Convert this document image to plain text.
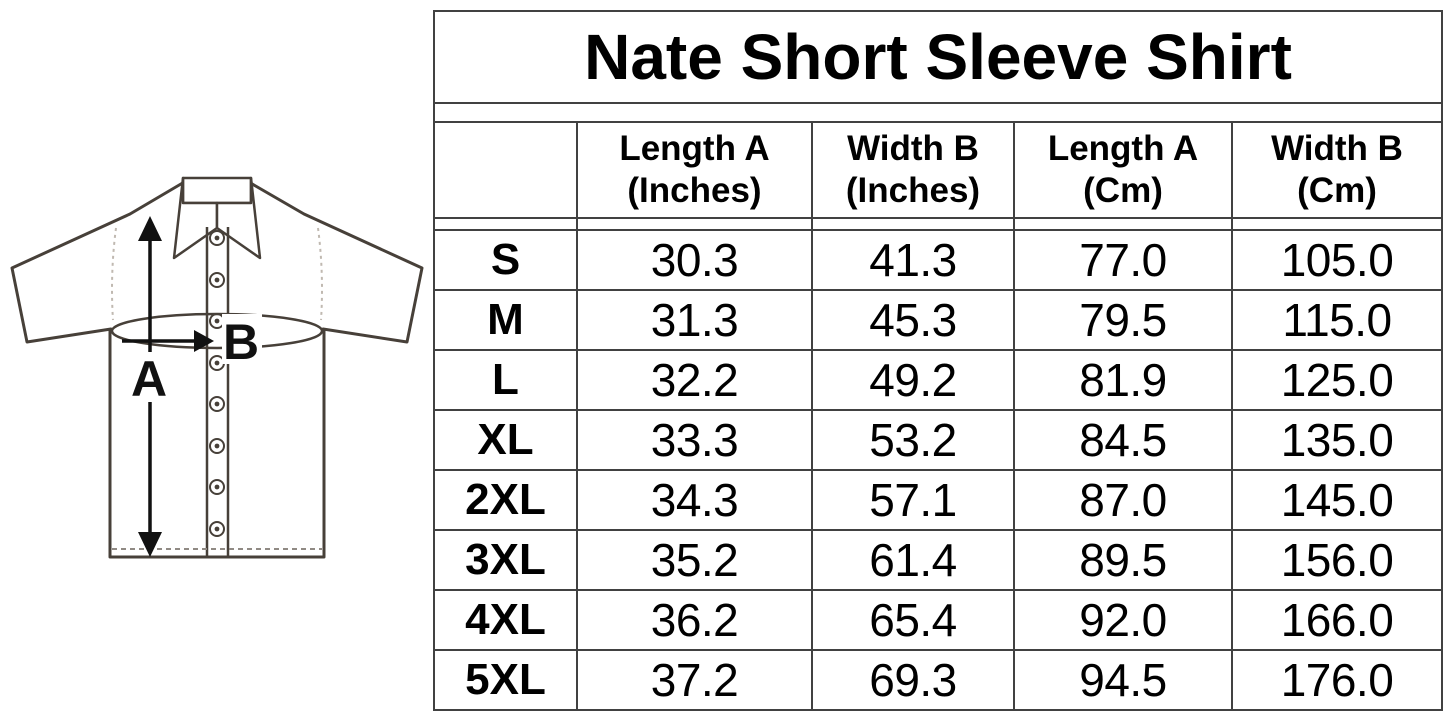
A
B
Nate Short Sleeve Shirt				

Length A
(Inches)

Width B
(Inches)

Length A
(Cm)

Width B
(Cm)

S	30.3	41.3	77.0	105.0
M	31.3	45.3	79.5	115.0
L	32.2	49.2	81.9	125.0
XL	33.3	53.2	84.5	135.0
2XL	34.3	57.1	87.0	145.0
3XL	35.2	61.4	89.5	156.0
4XL	36.2	65.4	92.0	166.0
5XL	37.2	69.3	94.5	176.0
